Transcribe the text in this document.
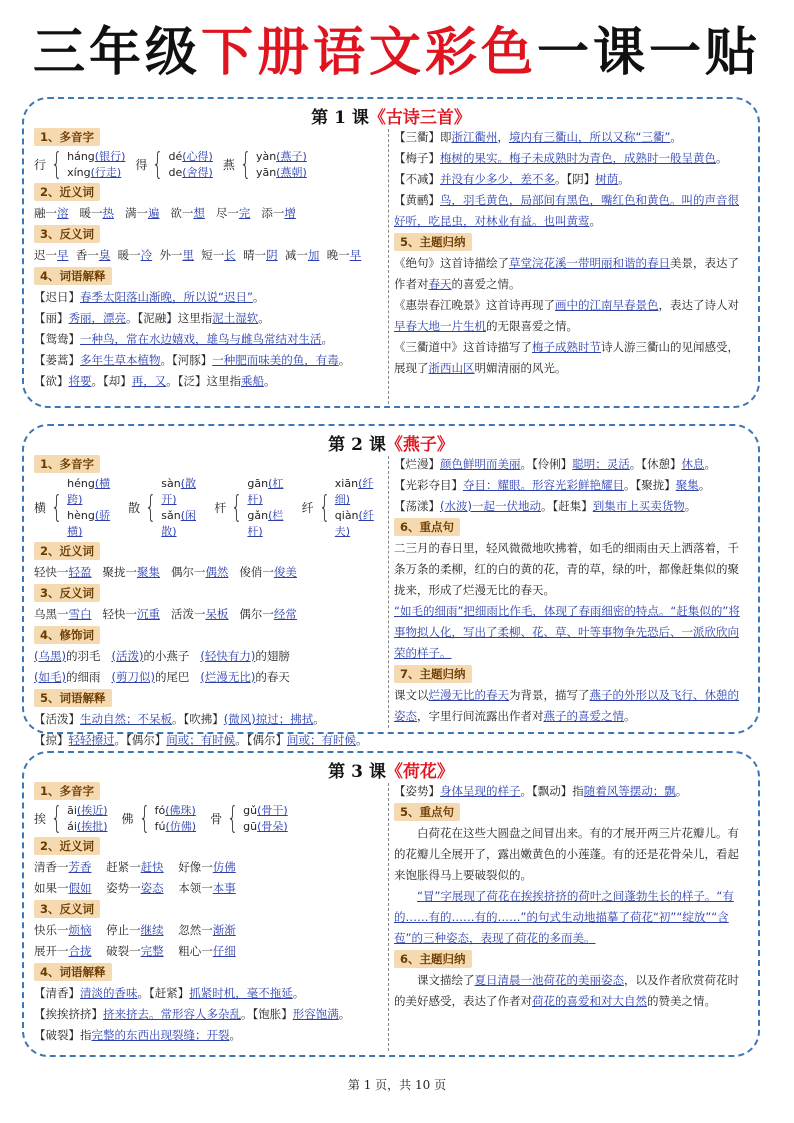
三年级下册语文彩色一课一贴
第 1 课《古诗三首》
1、多音字
行 { háng(银行)
xíng(行走)
得 { dé(心得)
de(舍得)
燕 { yàn(燕子)
yān(燕朝)
2、近义词
融一溶 暖一热 满一遍 欲一想 尽一完 添一增
3、反义词
迟一早 香一臭 暖一冷 外一里 短一长 晴一阴 减一加 晚一早
4、词语解释
【迟日】春季太阳落山渐晚，所以说“迟日”。
【丽】秀丽，漂亮。【泥融】这里指泥土湿软。
【鸳鸯】一种鸟，常在水边嬉戏，雄鸟与雌鸟常结对生活。
【蒌蒿】多年生草本植物。【河豚】一种肥而味美的鱼，有毒。
【欲】将要。【却】再，又。【泛】这里指乘船。
【三衢】即浙江衢州，境内有三衢山，所以又称“三衢”。
【梅子】梅树的果实。梅子未成熟时为青色，成熟时一般呈黄色。
【不减】并没有少多少，差不多。【阴】树荫。
【黄鹂】鸟，羽毛黄色，局部间有黑色，嘴红色和黄色。叫的声音很好听，吃昆虫，对林业有益。也叫黄莺。
5、主题归纳
《绝句》这首诗描绘了草堂浣花溪一带明丽和谐的春日美景，表达了作者对春天的喜爱之情。
《惠崇春江晚景》这首诗再现了画中的江南早春景色，表达了诗人对早春大地一片生机的无限喜爱之情。
《三衢道中》这首诗描写了梅子成熟时节诗人游三衢山的见闻感受，展现了浙西山区明媚清丽的风光。
第 2 课《燕子》
1、多音字
横 {
héng(横跨)
hèng(骄横)
散 {
sàn(散开)
sǎn(闲散)
杆 {
gān(杠杆)
gǎn(栏杆)
纤 {
xiān(纤细)
qiàn(纤夫)
2、近义词
轻快一轻盈 聚拢一聚集 偶尔一偶然 俊俏一俊美
3、反义词
乌黑一雪白 轻快一沉重 活泼一呆板 偶尔一经常
4、修饰词
(乌黑)的羽毛 (活泼)的小燕子 (轻快有力)的翅膀
(如毛)的细雨 (剪刀似)的尾巴 (烂漫无比)的春天
5、词语解释
【活泼】生动自然；不呆板。【吹拂】(微风)掠过；拂拭。
【掠】轻轻擦过。【偶尔】间或；有时候。【偶尔】间或；有时候。
【烂漫】颜色鲜明而美丽。【伶俐】聪明；灵活。【休憩】休息。
【光彩夺目】夺目：耀眼。形容光彩鲜艳耀目。【聚拢】聚集。
【荡漾】(水波)一起一伏地动。【赶集】到集市上买卖货物。
6、重点句
二三月的春日里，轻风微微地吹拂着，如毛的细雨由天上洒落着，千条万条的柔柳，红的白的黄的花，青的草，绿的叶，都像赶集似的聚拢来，形成了烂漫无比的春天。
“如毛的细雨”把细雨比作毛，体现了春雨细密的特点。“赶集似的”将事物拟人化，写出了柔柳、花、草、叶等事物争先恐后、一派欣欣向荣的样子。
7、主题归纳
课文以烂漫无比的春天为背景，描写了燕子的外形以及飞行、休憩的姿态，字里行间流露出作者对燕子的喜爱之情。
第 3 课《荷花》
1、多音字
挨 { āi(挨近)
ái(挨批)
佛 { fó(佛珠)
fú(仿佛)
骨 { gǔ(骨干)
gū(骨朵)
2、近义词
清香一芳香 赶紧一赶快 好像一仿佛
如果一假如 姿势一姿态 本领一本事
3、反义词
快乐一烦恼 停止一继续 忽然一渐渐
展开一合拢 破裂一完整 粗心一仔细
4、词语解释
【清香】清淡的香味。【赶紧】抓紧时机，毫不拖延。
【挨挨挤挤】挤来挤去。常形容人多杂乱。【饱胀】形容饱满。
【破裂】指完整的东西出现裂缝；开裂。
【姿势】身体呈现的样子。【飘动】指随着风等摆动；飘。
5、重点句
白荷花在这些大圆盘之间冒出来。有的才展开两三片花瓣儿。有的花瓣儿全展开了，露出嫩黄色的小莲蓬。有的还是花骨朵儿，看起来饱胀得马上要破裂似的。
“冒”字展现了荷花在挨挨挤挤的荷叶之间蓬勃生长的样子。“有的……有的……有的……”的句式生动地描摹了荷花“初”“绽放”“含苞”的三种姿态，表现了荷花的多而美。
6、主题归纳
课文描绘了夏日清晨一池荷花的美丽姿态，以及作者欣赏荷花时的美好感受，表达了作者对荷花的喜爱和对大自然的赞美之情。
第 1 页，共 10 页
